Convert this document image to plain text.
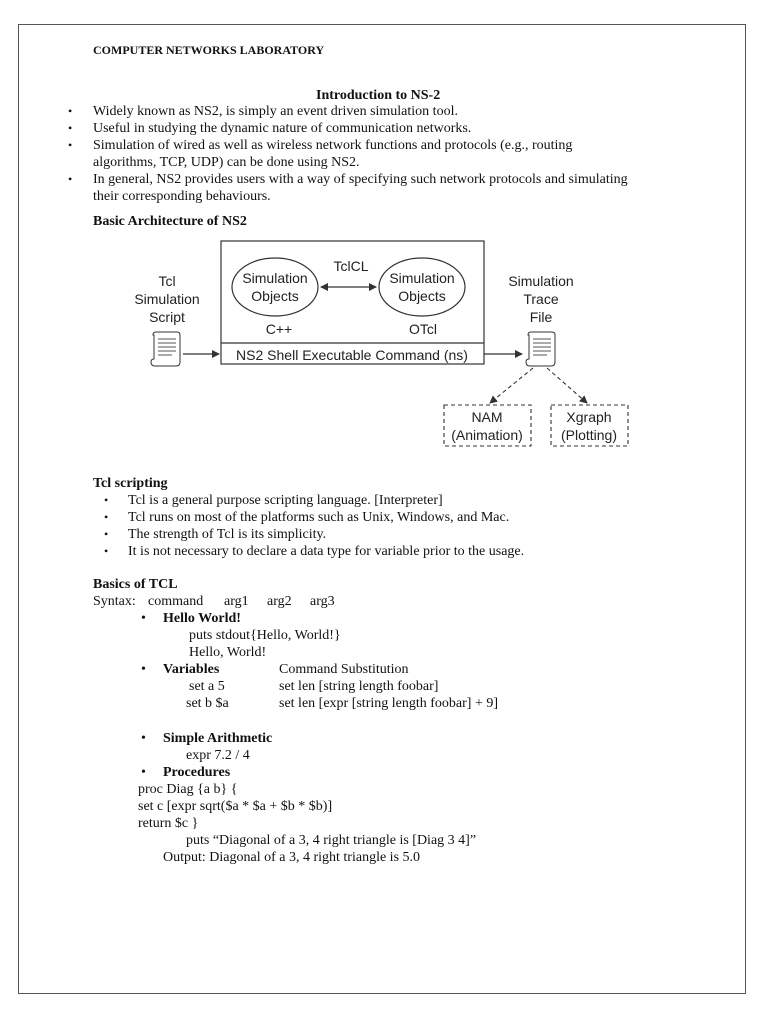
COMPUTER NETWORKS LABORATORY
Introduction to NS-2
• Widely known as NS2, is simply an event driven simulation tool.
• Useful in studying the dynamic nature of communication networks.
• Simulation of wired as well as wireless network functions and protocols (e.g., routing
algorithms, TCP, UDP) can be done using NS2.
• In general, NS2 provides users with a way of specifying such network protocols and simulating
their corresponding behaviours.
Basic Architecture of NS2
Simulation
Objects
Simulation
Objects
TclCL
C++	OTcl
NS2 Shell Executable Command (ns)
Tcl
Simulation
Script
Simulation
Trace
File
NAM
(Animation)
Xgraph
(Plotting)
Tcl scripting
• Tcl is a general purpose scripting language. [Interpreter]
• Tcl runs on most of the platforms such as Unix, Windows, and Mac.
• The strength of Tcl is its simplicity.
• It is not necessary to declare a data type for variable prior to the usage.
Basics of TCL
Syntax: command arg1 arg2 arg3
• Hello World!
puts stdout{Hello, World!}
Hello, World!
• Variables	Command Substitution
set a 5	set len [string length foobar]
set b $a	set len [expr [string length foobar] + 9]
• Simple Arithmetic
expr 7.2 / 4
• Procedures
proc Diag {a b} {
set c [expr sqrt($a * $a + $b * $b)]
return $c }
puts “Diagonal of a 3, 4 right triangle is [Diag 3 4]”
Output: Diagonal of a 3, 4 right triangle is 5.0
